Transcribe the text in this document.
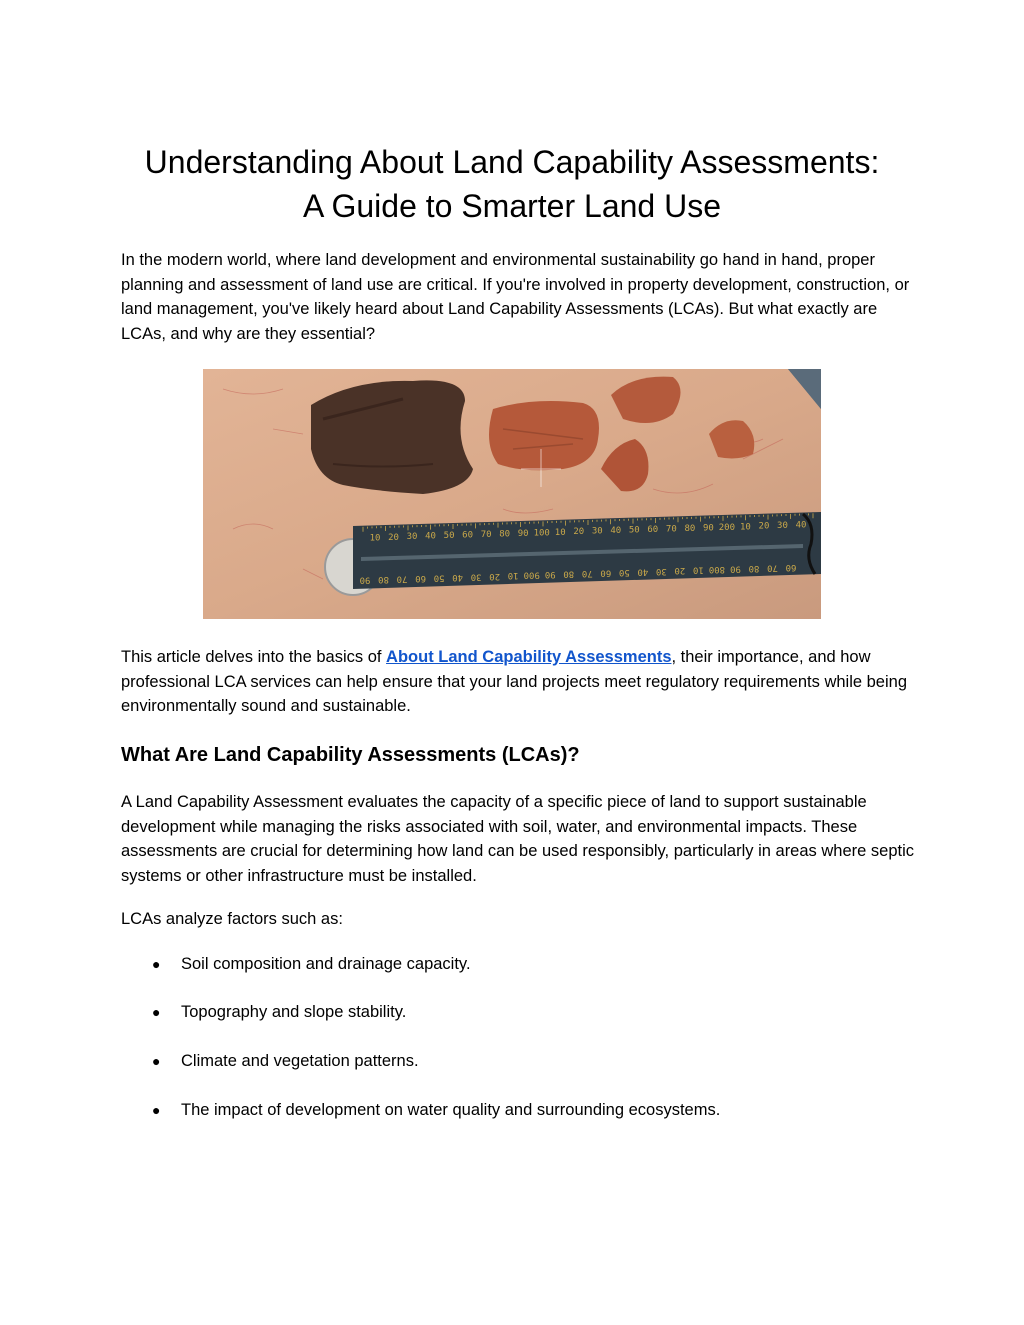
Understanding About Land Capability Assessments:
A Guide to Smarter Land Use

In the modern world, where land development and environmental sustainability go hand in hand, proper planning and assessment of land use are critical. If you're involved in property development, construction, or land management, you've likely heard about Land Capability Assessments (LCAs). But what exactly are LCAs, and why are they essential?

10 20 30 40 50 60 70 80 90 100 10 20 30 40 50 60 70 80 90 200 10 20 30 40
90 80 70 60 50 40 30 20 10 900 90 80 70 60 50 40 30 20 10 800 90 80 70 60

This article delves into the basics of About Land Capability Assessments, their importance, and how professional LCA services can help ensure that your land projects meet regulatory requirements while being environmentally sound and sustainable.

What Are Land Capability Assessments (LCAs)?

A Land Capability Assessment evaluates the capacity of a specific piece of land to support sustainable development while managing the risks associated with soil, water, and environmental impacts. These assessments are crucial for determining how land can be used responsibly, particularly in areas where septic systems or other infrastructure must be installed.

LCAs analyze factors such as:

● Soil composition and drainage capacity.
● Topography and slope stability.
● Climate and vegetation patterns.
● The impact of development on water quality and surrounding ecosystems.
